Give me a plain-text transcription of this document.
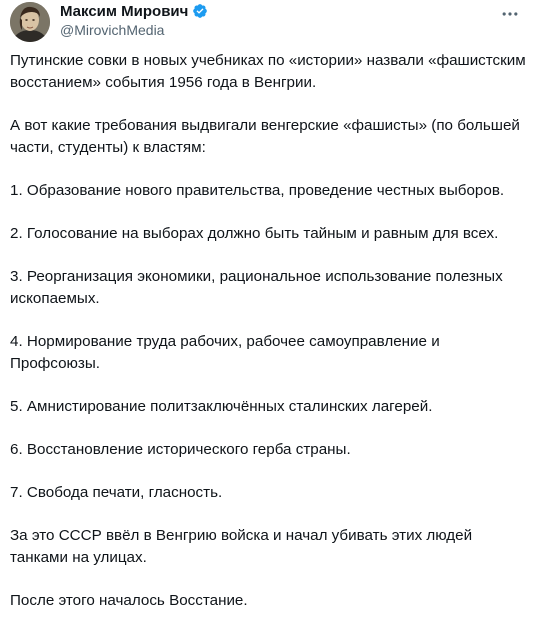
Максим Мирович
@MirovichMedia

Путинские совки в новых учебниках по «истории» назвали «фашистским восстанием» события 1956 года в Венгрии.

А вот какие требования выдвигали венгерские «фашисты» (по большей части, студенты) к властям:

1. Образование нового правительства, проведение честных выборов.

2. Голосование на выборах должно быть тайным и равным для всех.

3. Реорганизация экономики, рациональное использование полезных ископаемых.

4. Нормирование труда рабочих, рабочее самоуправление и Профсоюзы.

5. Амнистирование политзаключённых сталинских лагерей.

6. Восстановление исторического герба страны.

7. Свобода печати, гласность.

За это СССР ввёл в Венгрию войска и начал убивать этих людей танками на улицах.

После этого началось Восстание.
